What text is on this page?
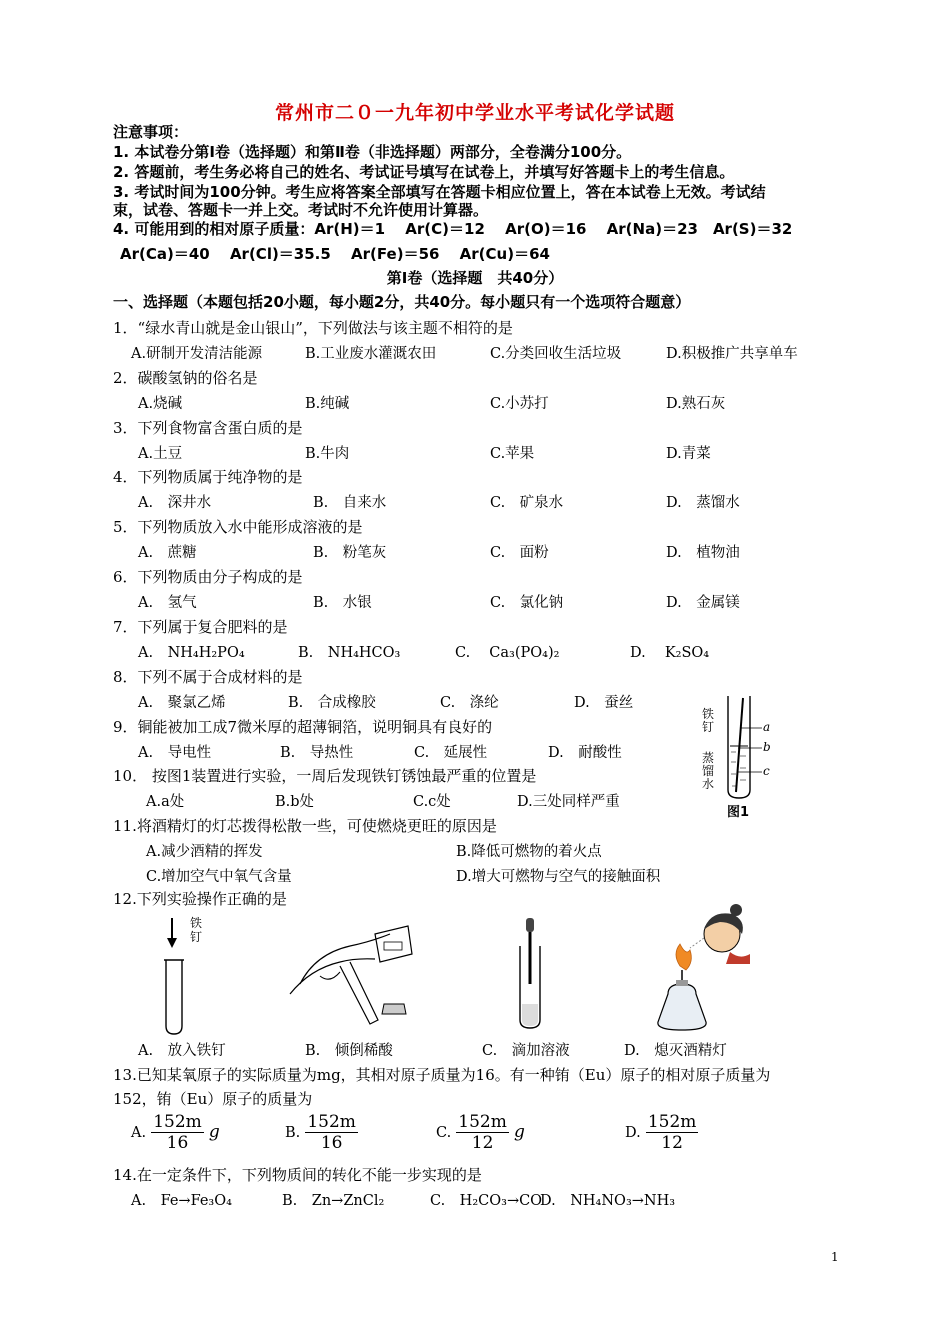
常州市二０一九年初中学业水平考试化学试题
注意事项：
1. 本试卷分第Ⅰ卷（选择题）和第Ⅱ卷（非选择题）两部分，全卷满分100分。
2. 答题前，考生务必将自己的姓名、考试证号填写在试卷上，并填写好答题卡上的考生信息。
3. 考试时间为100分钟。考生应将答案全部填写在答题卡相应位置上，答在本试卷上无效。考试结
束，试卷、答题卡一并上交。考试时不允许使用计算器。
4. 可能用到的相对原子质量：Ar(H)＝1　 Ar(C)＝12　 Ar(O)＝16　 Ar(Na)＝23　Ar(S)＝32
Ar(Ca)＝40　 Ar(Cl)＝35.5　 Ar(Fe)＝56　 Ar(Cu)＝64
第Ⅰ卷（选择题　共40分）
一、选择题（本题包括20小题，每小题2分，共40分。每小题只有一个选项符合题意）
1．“绿水青山就是金山银山”，下列做法与该主题不相符的是
A.研制开发清洁能源	B.工业废水灌溉农田	C.分类回收生活垃圾	D.积极推广共享单车
2．碳酸氢钠的俗名是
A.烧碱	B.纯碱	C.小苏打	D.熟石灰
3．下列食物富含蛋白质的是
A.土豆	B.牛肉	C.苹果	D.青菜
4．下列物质属于纯净物的是
A.　深井水	B.　自来水	C.　矿泉水	D.　蒸馏水
5．下列物质放入水中能形成溶液的是
A.　蔗糖	B.　粉笔灰	C.　面粉	D.　植物油
6．下列物质由分子构成的是
A.　氢气	B.　水银	C.　氯化钠	D.　金属镁
7．下列属于复合肥料的是
A.　NH₄H₂PO₄	B.　NH₄HCO₃	C.　 Ca₃(PO₄)₂	D.　 K₂SO₄
8．下列不属于合成材料的是
A.　聚氯乙烯	B.　合成橡胶	C.　涤纶	D.　蚕丝
9．铜能被加工成7微米厚的超薄铜箔，说明铜具有良好的
A.　导电性	B.　导热性	C.　延展性	D.　耐酸性
10． 按图1装置进行实验，一周后发现铁钉锈蚀最严重的位置是
A.a处	B.b处	C.c处	D.三处同样严重
铁钉
蒸馏水
a
b
c
图1
11.将酒精灯的灯芯拨得松散一些，可使燃烧更旺的原因是
A.减少酒精的挥发	B.降低可燃物的着火点
C.增加空气中氧气含量	D.增大可燃物与空气的接触面积
12.下列实验操作正确的是
铁钉
A.　放入铁钉	B.　倾倒稀酸	C.　滴加溶液	D.　熄灭酒精灯
13.已知某氧原子的实际质量为mg，其相对原子质量为16。有一种铕（Eu）原子的相对原子质量为
152，铕（Eu）原子的质量为
A. $\frac{152m}{16}$ g	B. $\frac{152m}{16}$	C. $\frac{152m}{12}$ g	D. $\frac{152m}{12}$
14.在一定条件下，下列物质间的转化不能一步实现的是
A.　Fe→Fe₃O₄	B.　Zn→ZnCl₂	C.　H₂CO₃→CO
D.　NH₄NO₃→NH₃
1
